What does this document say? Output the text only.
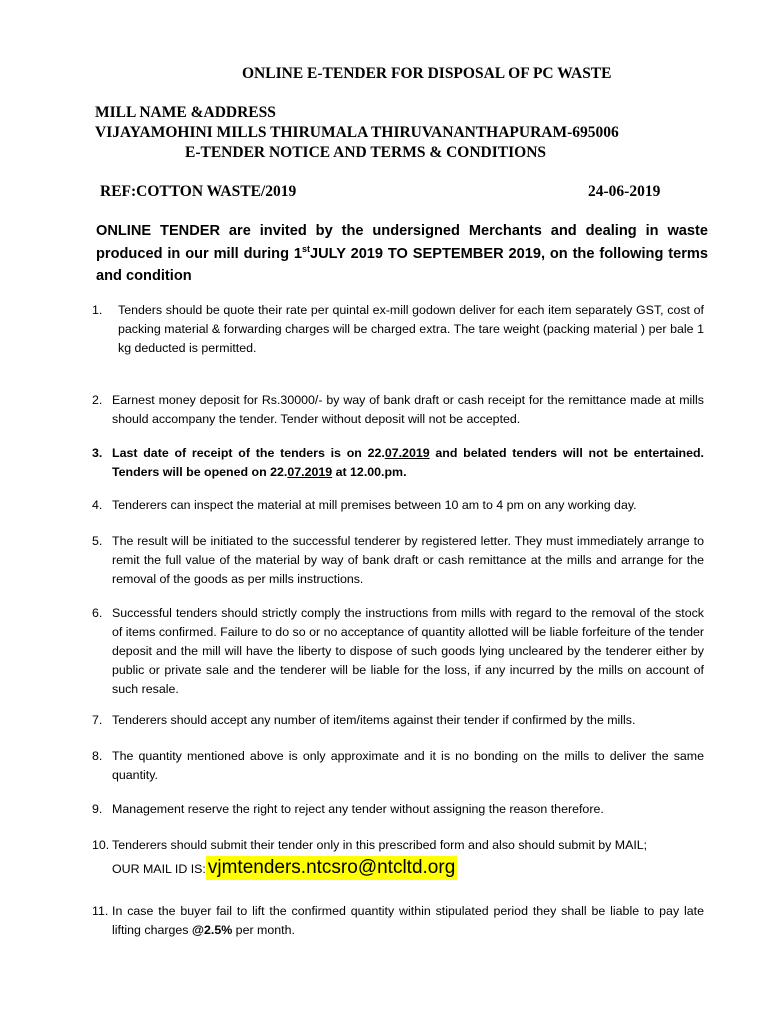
ONLINE E-TENDER FOR DISPOSAL OF PC WASTE
MILL NAME &ADDRESS
VIJAYAMOHINI MILLS THIRUMALA THIRUVANANTHAPURAM-695006
E-TENDER NOTICE AND TERMS & CONDITIONS
REF:COTTON WASTE/2019	24-06-2019
ONLINE TENDER are invited by the undersigned Merchants and dealing in waste produced in our mill during 1stJULY 2019 TO SEPTEMBER 2019, on the following terms and condition
1.	Tenders should be quote their rate per quintal ex-mill godown deliver for each item separately GST, cost of packing material & forwarding charges will be charged extra. The tare weight (packing material ) per bale 1 kg deducted is permitted.
2. Earnest money deposit for Rs.30000/- by way of bank draft or cash receipt for the remittance made at mills should accompany the tender. Tender without deposit will not be accepted.
3. Last date of receipt of the tenders is on 22.07.2019 and belated tenders will not be entertained. Tenders will be opened on 22.07.2019 at 12.00.pm.
4. Tenderers can inspect the material at mill premises between 10 am to 4 pm on any working day.
5. The result will be initiated to the successful tenderer by registered letter. They must immediately arrange to remit the full value of the material by way of bank draft or cash remittance at the mills and arrange for the removal of the goods as per mills instructions.
6. Successful tenders should strictly comply the instructions from mills with regard to the removal of the stock of items confirmed. Failure to do so or no acceptance of quantity allotted will be liable forfeiture of the tender deposit and the mill will have the liberty to dispose of such goods lying uncleared by the tenderer either by public or private sale and the tenderer will be liable for the loss, if any incurred by the mills on account of such resale.
7. Tenderers should accept any number of item/items against their tender if confirmed by the mills.
8. The quantity mentioned above is only approximate and it is no bonding on the mills to deliver the same quantity.
9. Management reserve the right to reject any tender without assigning the reason therefore.
10. Tenderers should submit their tender only in this prescribed form and also should submit by MAIL;
OUR MAIL ID IS: vjmtenders.ntcsro@ntcltd.org
11. In case the buyer fail to lift the confirmed quantity within stipulated period they shall be liable to pay late lifting charges @2.5% per month.
